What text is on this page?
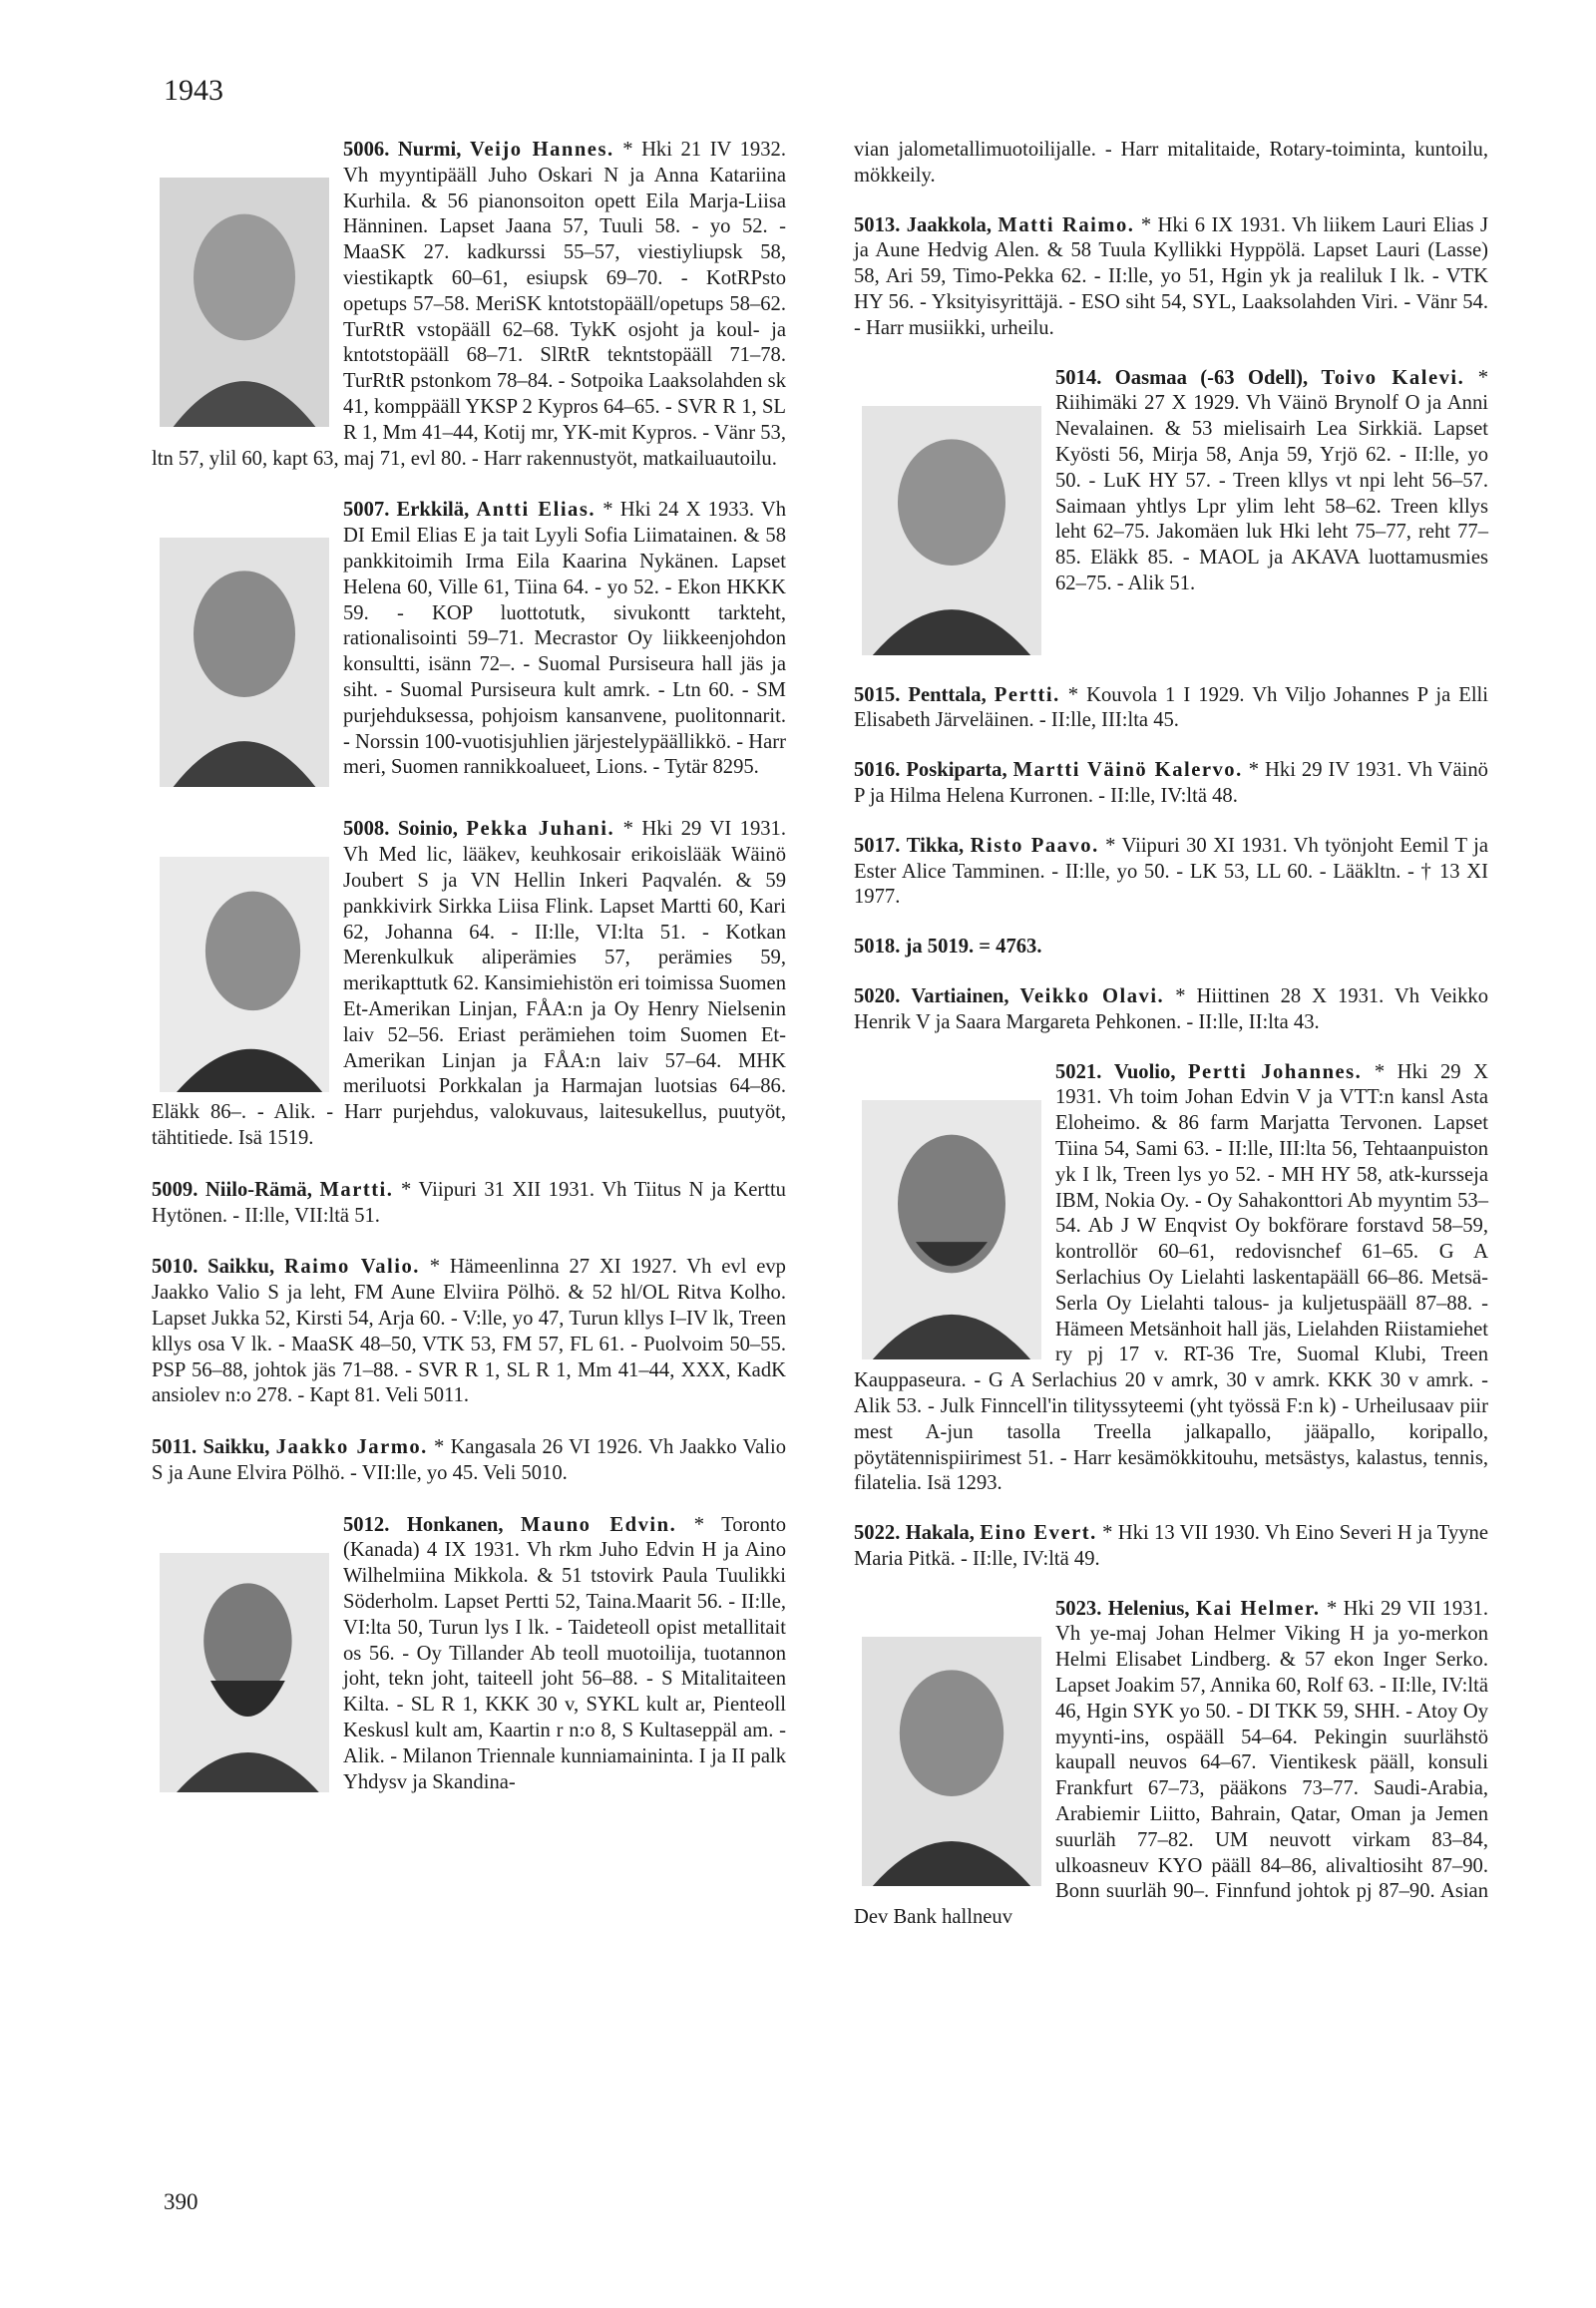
1943
5006. Nurmi, Veijo Hannes. * Hki 21 IV 1932. Vh myyntipääll Juho Oskari N ja Anna Katariina Kurhila. & 56 pianonsoiton opett Eila Marja-Liisa Hänninen. Lapset Jaana 57, Tuuli 58. - yo 52. - MaaSK 27. kadkurssi 55–57, viestiyliupsk 58, viestikaptk 60–61, esiupsk 69–70. - KotRPsto opetups 57–58. MeriSK kntotstopääll/opetups 58–62. TurRtR vstopääll 62–68. TykK osjoht ja koul- ja kntotstopääll 68–71. SlRtR tekntstopääll 71–78. TurRtR pstonkom 78–84. - Sotpoika Laaksolahden sk 41, komppääll YKSP 2 Kypros 64–65. - SVR R 1, SL R 1, Mm 41–44, Kotij mr, YK-mit Kypros. - Vänr 53, ltn 57, ylil 60, kapt 63, maj 71, evl 80. - Harr rakennustyöt, matkailuautoilu.
5007. Erkkilä, Antti Elias. * Hki 24 X 1933. Vh DI Emil Elias E ja tait Lyyli Sofia Liimatainen. & 58 pankkitoimih Irma Eila Kaarina Nykänen. Lapset Helena 60, Ville 61, Tiina 64. - yo 52. - Ekon HKKK 59. - KOP luottotutk, sivukontt tarkteht, rationalisointi 59–71. Mecrastor Oy liikkeenjohdon konsultti, isänn 72–. - Suomal Pursiseura hall jäs ja siht. - Suomal Pursiseura kult amrk. - Ltn 60. - SM purjehduksessa, pohjoism kansanvene, puolitonnarit. - Norssin 100-vuotisjuhlien järjestelypäällikkö. - Harr meri, Suomen rannikkoalueet, Lions. - Tytär 8295.
5008. Soinio, Pekka Juhani. * Hki 29 VI 1931. Vh Med lic, lääkev, keuhkosair erikoislääk Wäinö Joubert S ja VN Hellin Inkeri Paqvalén. & 59 pankkivirk Sirkka Liisa Flink. Lapset Martti 60, Kari 62, Johanna 64. - II:lle, VI:lta 51. - Kotkan Merenkulkuk aliperämies 57, perämies 59, merikapttutk 62. Kansimiehistön eri toimissa Suomen Et-Amerikan Linjan, FÅA:n ja Oy Henry Nielsenin laiv 52–56. Eriast perämiehen toim Suomen Et-Amerikan Linjan ja FÅA:n laiv 57–64. MHK meriluotsi Porkkalan ja Harmajan luotsias 64–86. Eläkk 86–. - Alik. - Harr purjehdus, valokuvaus, laitesukellus, puutyöt, tähtitiede. Isä 1519.
5009. Niilo-Rämä, Martti. * Viipuri 31 XII 1931. Vh Tiitus N ja Kerttu Hytönen. - II:lle, VII:ltä 51.
5010. Saikku, Raimo Valio. * Hämeenlinna 27 XI 1927. Vh evl evp Jaakko Valio S ja leht, FM Aune Elviira Pölhö. & 52 hl/OL Ritva Kolho. Lapset Jukka 52, Kirsti 54, Arja 60. - V:lle, yo 47, Turun kllys I–IV lk, Treen kllys osa V lk. - MaaSK 48–50, VTK 53, FM 57, FL 61. - Puolvoim 50–55. PSP 56–88, johtok jäs 71–88. - SVR R 1, SL R 1, Mm 41–44, XXX, KadK ansiolev n:o 278. - Kapt 81. Veli 5011.
5011. Saikku, Jaakko Jarmo. * Kangasala 26 VI 1926. Vh Jaakko Valio S ja Aune Elvira Pölhö. - VII:lle, yo 45. Veli 5010.
5012. Honkanen, Mauno Edvin. * Toronto (Kanada) 4 IX 1931. Vh rkm Juho Edvin H ja Aino Wilhelmiina Mikkola. & 51 tstovirk Paula Tuulikki Söderholm. Lapset Pertti 52, Taina.Maarit 56. - II:lle, VI:lta 50, Turun lys I lk. - Taideteoll opist metallitait os 56. - Oy Tillander Ab teoll muotoilija, tuotannon joht, tekn joht, taiteell joht 56–88. - S Mitalitaiteen Kilta. - SL R 1, KKK 30 v, SYKL kult ar, Pienteoll Keskusl kult am, Kaartin r n:o 8, S Kultaseppäl am. - Alik. - Milanon Triennale kunniamaininta. I ja II palk Yhdysv ja Skandina-
vian jalometallimuotoilijalle. - Harr mitalitaide, Rotary-toiminta, kuntoilu, mökkeily.
5013. Jaakkola, Matti Raimo. * Hki 6 IX 1931. Vh liikem Lauri Elias J ja Aune Hedvig Alen. & 58 Tuula Kyllikki Hyppölä. Lapset Lauri (Lasse) 58, Ari 59, Timo-Pekka 62. - II:lle, yo 51, Hgin yk ja realiluk I lk. - VTK HY 56. - Yksityisyrittäjä. - ESO siht 54, SYL, Laaksolahden Viri. - Vänr 54. - Harr musiikki, urheilu.
5014. Oasmaa (-63 Odell), Toivo Kalevi. * Riihimäki 27 X 1929. Vh Väinö Brynolf O ja Anni Nevalainen. & 53 mielisairh Lea Sirkkiä. Lapset Kyösti 56, Mirja 58, Anja 59, Yrjö 62. - II:lle, yo 50. - LuK HY 57. - Treen kllys vt npi leht 56–57. Saimaan yhtlys Lpr ylim leht 58–62. Treen kllys leht 62–75. Jakomäen luk Hki leht 75–77, reht 77–85. Eläkk 85. - MAOL ja AKAVA luottamusmies 62–75. - Alik 51.
5015. Penttala, Pertti. * Kouvola 1 I 1929. Vh Viljo Johannes P ja Elli Elisabeth Järveläinen. - II:lle, III:lta 45.
5016. Poskiparta, Martti Väinö Kalervo. * Hki 29 IV 1931. Vh Väinö P ja Hilma Helena Kurronen. - II:lle, IV:ltä 48.
5017. Tikka, Risto Paavo. * Viipuri 30 XI 1931. Vh työnjoht Eemil T ja Ester Alice Tamminen. - II:lle, yo 50. - LK 53, LL 60. - Lääkltn. - † 13 XI 1977.
5018. ja 5019. = 4763.
5020. Vartiainen, Veikko Olavi. * Hiittinen 28 X 1931. Vh Veikko Henrik V ja Saara Margareta Pehkonen. - II:lle, II:lta 43.
5021. Vuolio, Pertti Johannes. * Hki 29 X 1931. Vh toim Johan Edvin V ja VTT:n kansl Asta Eloheimo. & 86 farm Marjatta Tervonen. Lapset Tiina 54, Sami 63. - II:lle, III:lta 56, Tehtaanpuiston yk I lk, Treen lys yo 52. - MH HY 58, atk-kursseja IBM, Nokia Oy. - Oy Sahakonttori Ab myyntim 53–54. Ab J W Enqvist Oy bokförare forstavd 58–59, kontrollör 60–61, redovisnchef 61–65. G A Serlachius Oy Lielahti laskentapääll 66–86. Metsä-Serla Oy Lielahti talous- ja kuljetuspääll 87–88. - Hämeen Metsänhoit hall jäs, Lielahden Riistamiehet ry pj 17 v. RT-36 Tre, Suomal Klubi, Treen Kauppaseura. - G A Serlachius 20 v amrk, 30 v amrk. KKK 30 v amrk. - Alik 53. - Julk Finncell'in tilityssyteemi (yht työssä F:n k) - Urheilusaav piir mest A-jun tasolla Treella jalkapallo, jääpallo, koripallo, pöytätennispiirimest 51. - Harr kesämökkitouhu, metsästys, kalastus, tennis, filatelia. Isä 1293.
5022. Hakala, Eino Evert. * Hki 13 VII 1930. Vh Eino Severi H ja Tyyne Maria Pitkä. - II:lle, IV:ltä 49.
5023. Helenius, Kai Helmer. * Hki 29 VII 1931. Vh ye-maj Johan Helmer Viking H ja yo-merkon Helmi Elisabet Lindberg. & 57 ekon Inger Serko. Lapset Joakim 57, Annika 60, Rolf 63. - II:lle, IV:ltä 46, Hgin SYK yo 50. - DI TKK 59, SHH. - Atoy Oy myynti-ins, ospääll 54–64. Pekingin suurlähstö kaupall neuvos 64–67. Vientikesk pääll, konsuli Frankfurt 67–73, pääkons 73–77. Saudi-Arabia, Arabiemir Liitto, Bahrain, Qatar, Oman ja Jemen suurläh 77–82. UM neuvott virkam 83–84, ulkoasneuv KYO pääll 84–86, alivaltiosiht 87–90. Bonn suurläh 90–. Finnfund johtok pj 87–90. Asian Dev Bank hallneuv
390
